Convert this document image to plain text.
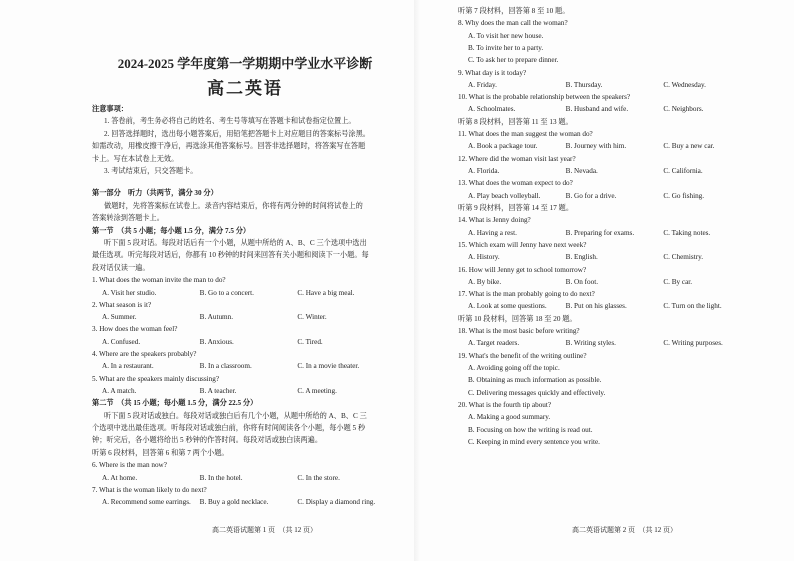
2024-2025 学年度第一学期期中学业水平诊断

高二英语

注意事项：
1. 答卷前，考生务必将自己的姓名、考生号等填写在答题卡和试卷指定位置上。
2. 回答选择题时，选出每小题答案后，用铅笔把答题卡上对应题目的答案标号涂黑。
如需改动，用橡皮擦干净后，再选涂其他答案标号。回答非选择题时，将答案写在答题
卡上。写在本试卷上无效。
3. 考试结束后，只交答题卡。
第一部分　听力（共两节，满分 30 分）
做题时，先将答案标在试卷上。录音内容结束后，你将有两分钟的时间将试卷上的
答案转涂到答题卡上。
第一节　（共 5 小题；每小题 1.5 分，满分 7.5 分）
听下面 5 段对话。每段对话后有一个小题，从题中所给的 A、B、C 三个选项中选出
最佳选项。听完每段对话后，你都有 10 秒钟的时间来回答有关小题和阅读下一小题。每
段对话仅读一遍。
1. What does the woman invite the man to do?
A. Visit her studio.	B. Go to a concert.	C. Have a big meal.
2. What season is it?
A. Summer.	B. Autumn.	C. Winter.
3. How does the woman feel?
A. Confused.	B. Anxious.	C. Tired.
4. Where are the speakers probably?
A. In a restaurant.	B. In a classroom.	C. In a movie theater.
5. What are the speakers mainly discussing?
A. A match.	B. A teacher.	C. A meeting.
第二节　（共 15 小题；每小题 1.5 分，满分 22.5 分）
听下面 5 段对话或独白。每段对话或独白后有几个小题，从题中所给的 A、B、C 三
个选项中选出最佳选项。听每段对话或独白前，你将有时间阅读各个小题，每小题 5 秒
钟；听完后，各小题将给出 5 秒钟的作答时间。每段对话或独白读两遍。
听第 6 段材料，回答第 6 和第 7 两个小题。
6. Where is the man now?
A. At home.	B. In the hotel.	C. In the store.
7. What is the woman likely to do next?
A. Recommend some earrings.	B. Buy a gold necklace.	C. Display a diamond ring.
高二英语试题第 1 页　（共 12 页）
听第 7 段材料，回答第 8 至 10 题。
8. Why does the man call the woman?
A. To visit her new house.
B. To invite her to a party.
C. To ask her to prepare dinner.
9. What day is it today?
A. Friday.	B. Thursday.	C. Wednesday.
10. What is the probable relationship between the speakers?
A. Schoolmates.	B. Husband and wife.	C. Neighbors.
听第 8 段材料，回答第 11 至 13 题。
11. What does the man suggest the woman do?
A. Book a package tour.	B. Journey with him.	C. Buy a new car.
12. Where did the woman visit last year?
A. Florida.	B. Nevada.	C. California.
13. What does the woman expect to do?
A. Play beach volleyball.	B. Go for a drive.	C. Go fishing.
听第 9 段材料，回答第 14 至 17 题。
14. What is Jenny doing?
A. Having a rest.	B. Preparing for exams.	C. Taking notes.
15. Which exam will Jenny have next week?
A. History.	B. English.	C. Chemistry.
16. How will Jenny get to school tomorrow?
A. By bike.	B. On foot.	C. By car.
17. What is the man probably going to do next?
A. Look at some questions.	B. Put on his glasses.	C. Turn on the light.
听第 10 段材料，回答第 18 至 20 题。
18. What is the most basic before writing?
A. Target readers.	B. Writing styles.	C. Writing purposes.
19. What's the benefit of the writing outline?
A. Avoiding going off the topic.
B. Obtaining as much information as possible.
C. Delivering messages quickly and effectively.
20. What is the fourth tip about?
A. Making a good summary.
B. Focusing on how the writing is read out.
C. Keeping in mind every sentence you write.
高二英语试题第 2 页　（共 12 页）
